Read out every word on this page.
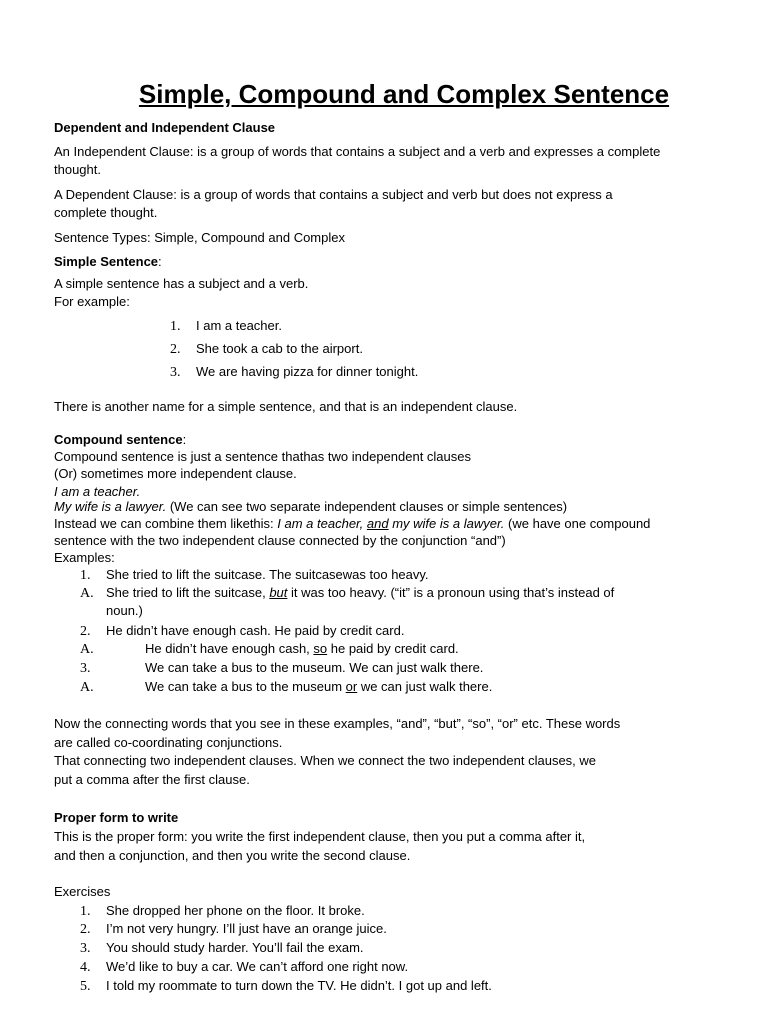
Simple, Compound and Complex Sentence
Dependent and Independent Clause
An Independent Clause: is a group of words that contains a subject and a verb and expresses a complete
thought.
A Dependent Clause: is a group of words that contains a subject and verb but does not express a
complete thought.
Sentence Types: Simple, Compound and Complex
Simple Sentence:
A simple sentence has a subject and a verb.
For example:
1. I am a teacher.
2. She took a cab to the airport.
3. We are having pizza for dinner tonight.
There is another name for a simple sentence, and that is an independent clause.
Compound sentence:
Compound sentence is just a sentence thathas two independent clauses
(Or) sometimes more independent clause.
I am a teacher.
My wife is a lawyer. (We can see two separate independent clauses or simple sentences)
Instead we can combine them likethis: I am a teacher, and my wife is a lawyer. (we have one compound
sentence with the two independent clause connected by the conjunction “and”)
Examples:
1. She tried to lift the suitcase. The suitcasewas too heavy.
A. She tried to lift the suitcase, but it was too heavy. (“it” is a pronoun using that’s instead of
noun.)
2. He didn’t have enough cash. He paid by credit card.
A.	He didn’t have enough cash, so he paid by credit card.
3.	We can take a bus to the museum. We can just walk there.
A.	We can take a bus to the museum or we can just walk there.
Now the connecting words that you see in these examples, “and”, “but”, “so”, “or” etc. These words
are called co-coordinating conjunctions.
That connecting two independent clauses. When we connect the two independent clauses, we
put a comma after the first clause.
Proper form to write
This is the proper form: you write the first independent clause, then you put a comma after it,
and then a conjunction, and then you write the second clause.
Exercises
1. She dropped her phone on the floor. It broke.
2. I’m not very hungry. I’ll just have an orange juice.
3. You should study harder. You’ll fail the exam.
4. We’d like to buy a car. We can’t afford one right now.
5. I told my roommate to turn down the TV. He didn’t. I got up and left.
